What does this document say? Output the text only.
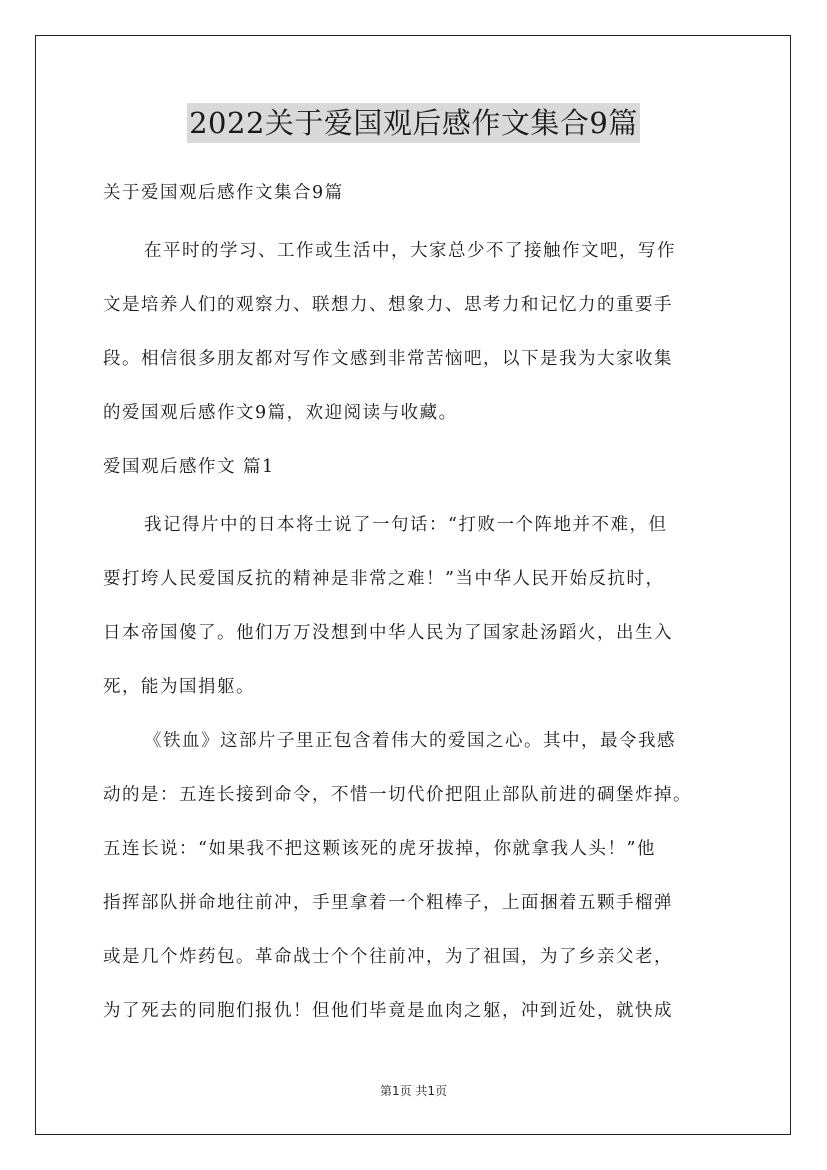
2022关于爱国观后感作文集合9篇
关于爱国观后感作文集合9篇
在平时的学习、工作或生活中，大家总少不了接触作文吧，写作
文是培养人们的观察力、联想力、想象力、思考力和记忆力的重要手
段。相信很多朋友都对写作文感到非常苦恼吧，以下是我为大家收集
的爱国观后感作文9篇，欢迎阅读与收藏。
爱国观后感作文 篇1
我记得片中的日本将士说了一句话：“打败一个阵地并不难，但
要打垮人民爱国反抗的精神是非常之难！”当中华人民开始反抗时，
日本帝国傻了。他们万万没想到中华人民为了国家赴汤蹈火，出生入
死，能为国捐躯。
《铁血》这部片子里正包含着伟大的爱国之心。其中，最令我感
动的是：五连长接到命令，不惜一切代价把阻止部队前进的碉堡炸掉。
五连长说：“如果我不把这颗该死的虎牙拔掉，你就拿我人头！”他
指挥部队拼命地往前冲，手里拿着一个粗棒子，上面捆着五颗手榴弹
或是几个炸药包。革命战士个个往前冲，为了祖国，为了乡亲父老，
为了死去的同胞们报仇！但他们毕竟是血肉之躯，冲到近处，就快成
第1页 共1页
